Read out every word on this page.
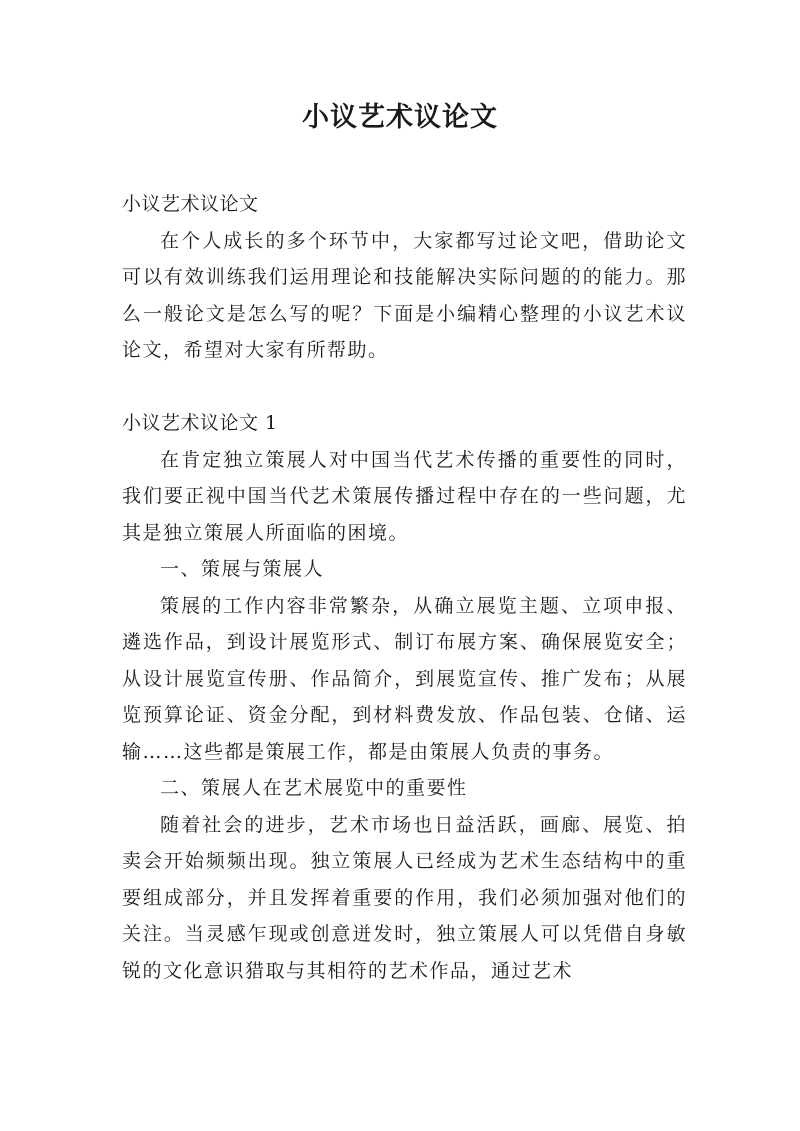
小议艺术议论文

小议艺术议论文

在个人成长的多个环节中，大家都写过论文吧，借助论文可以有效训练我们运用理论和技能解决实际问题的的能力。那么一般论文是怎么写的呢？下面是小编精心整理的小议艺术议论文，希望对大家有所帮助。

小议艺术议论文 1

在肯定独立策展人对中国当代艺术传播的重要性的同时，我们要正视中国当代艺术策展传播过程中存在的一些问题，尤其是独立策展人所面临的困境。

一、策展与策展人

策展的工作内容非常繁杂，从确立展览主题、立项申报、遴选作品，到设计展览形式、制订布展方案、确保展览安全；从设计展览宣传册、作品简介，到展览宣传、推广发布；从展览预算论证、资金分配，到材料费发放、作品包装、仓储、运输……这些都是策展工作，都是由策展人负责的事务。

二、策展人在艺术展览中的重要性

随着社会的进步，艺术市场也日益活跃，画廊、展览、拍卖会开始频频出现。独立策展人已经成为艺术生态结构中的重要组成部分，并且发挥着重要的作用，我们必须加强对他们的关注。当灵感乍现或创意迸发时，独立策展人可以凭借自身敏锐的文化意识猎取与其相符的艺术作品，通过艺术
